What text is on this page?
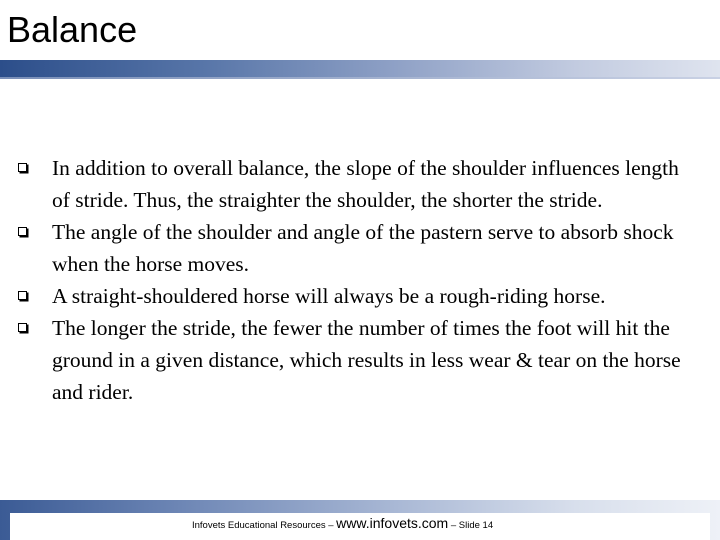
Balance
In addition to overall balance, the slope of the shoulder influences length of stride. Thus, the straighter the shoulder, the shorter the stride.
The angle of the shoulder and angle of the pastern serve to absorb shock when the horse moves.
A straight-shouldered horse will always be a rough-riding horse.
The longer the stride, the fewer the number of times the foot will hit the ground in a given distance, which results in less wear & tear on the horse and rider.
Infovets Educational Resources – www.infovets.com – Slide 14
